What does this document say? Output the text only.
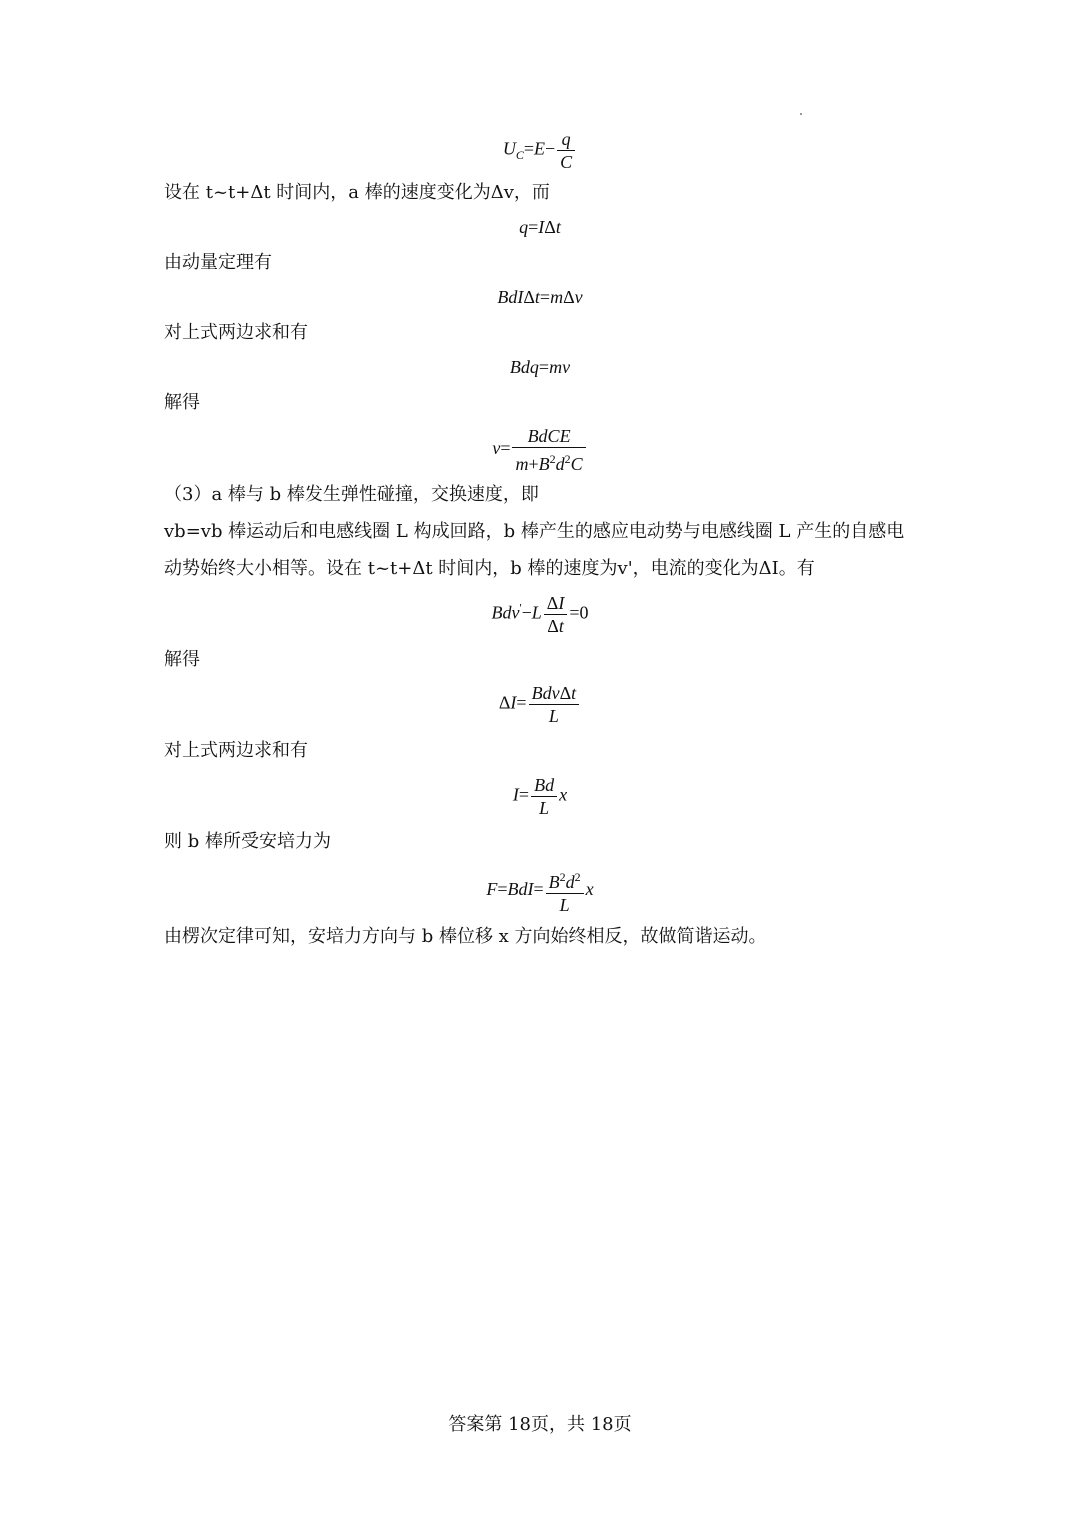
$U_C=E- \frac{q}{C}$
设在 t~t+Δt 时间内，a 棒的速度变化为Δv，而
q=IΔt
由动量定理有
BdIΔt=mΔv
对上式两边求和有
Bdq=mv
解得
$v= \frac{\text{BdCE}}{m+B^2d^2C}$
（3）a 棒与 b 棒发生弹性碰撞，交换速度，即
vb=vb 棒运动后和电感线圈 L 构成回路，b 棒产生的感应电动势与电感线圈 L 产生的自感电
动势始终大小相等。设在 t~t+Δt 时间内，b 棒的速度为v'，电流的变化为ΔI。有
$Bdv'-L \frac{\Delta I}{\Delta t} =0$
解得
$\Delta I= \frac{\text{BdvΔt}}{L}$
对上式两边求和有
$I= \frac{Bd}{L}$ x
则 b 棒所受安培力为
$F=BdI= \frac{B^2d^2}{L}$ x
由楞次定律可知，安培力方向与 b 棒位移 x 方向始终相反，故做简谐运动。
答案第 18页，共 18页
